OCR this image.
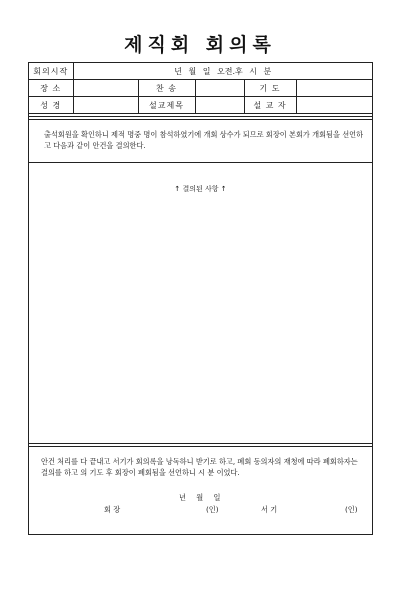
제직회 회의록
회의시작	년 월 일 오전.후 시 분				
장 소		찬 송		기 도	
성 경		설교제목		설 교 자	
출석회원을 확인하니 제적 명중 명이 참석하였기에 개회 상수가 되므로 회장이 본회가 개회됨을 선언하고 다음과 같이 안건을 결의한다.
↑ 결의된 사항 ↑
안건 처리를 다 끝내고 서기가 회의록을 낭독하니 받기로 하고, 폐회 동의자의 재청에 따라 폐회하자는 결의를 하고 의 기도 후 회장이 폐회됨을 선언하니 시 분 이었다.
년 월 일
회 장	(인)	서 기	(인)
